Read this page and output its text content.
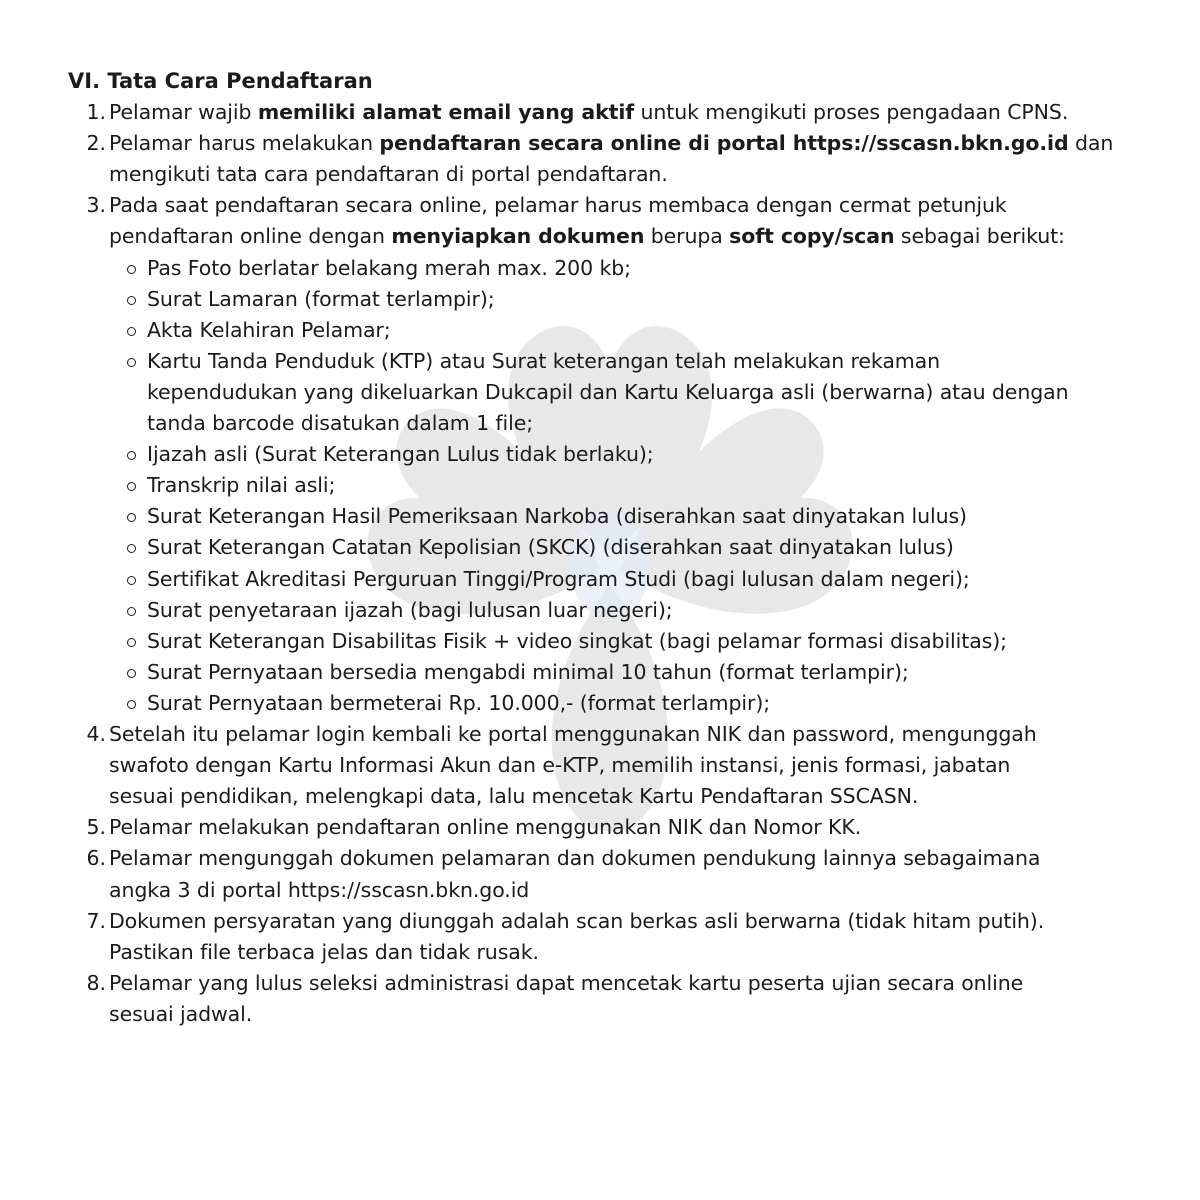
VI. Tata Cara Pendaftaran
1. Pelamar wajib memiliki alamat email yang aktif untuk mengikuti proses pengadaan CPNS.
2. Pelamar harus melakukan pendaftaran secara online di portal https://sscasn.bkn.go.id dan
mengikuti tata cara pendaftaran di portal pendaftaran.
3. Pada saat pendaftaran secara online, pelamar harus membaca dengan cermat petunjuk
pendaftaran online dengan menyiapkan dokumen berupa soft copy/scan sebagai berikut:
Pas Foto berlatar belakang merah max. 200 kb;
Surat Lamaran (format terlampir);
Akta Kelahiran Pelamar;
Kartu Tanda Penduduk (KTP) atau Surat keterangan telah melakukan rekaman
kependudukan yang dikeluarkan Dukcapil dan Kartu Keluarga asli (berwarna) atau dengan
tanda barcode disatukan dalam 1 file;
Ijazah asli (Surat Keterangan Lulus tidak berlaku);
Transkrip nilai asli;
Surat Keterangan Hasil Pemeriksaan Narkoba (diserahkan saat dinyatakan lulus)
Surat Keterangan Catatan Kepolisian (SKCK) (diserahkan saat dinyatakan lulus)
Sertifikat Akreditasi Perguruan Tinggi/Program Studi (bagi lulusan dalam negeri);
Surat penyetaraan ijazah (bagi lulusan luar negeri);
Surat Keterangan Disabilitas Fisik + video singkat (bagi pelamar formasi disabilitas);
Surat Pernyataan bersedia mengabdi minimal 10 tahun (format terlampir);
Surat Pernyataan bermeterai Rp. 10.000,- (format terlampir);
4. Setelah itu pelamar login kembali ke portal menggunakan NIK dan password, mengunggah
swafoto dengan Kartu Informasi Akun dan e-KTP, memilih instansi, jenis formasi, jabatan
sesuai pendidikan, melengkapi data, lalu mencetak Kartu Pendaftaran SSCASN.
5. Pelamar melakukan pendaftaran online menggunakan NIK dan Nomor KK.
6. Pelamar mengunggah dokumen pelamaran dan dokumen pendukung lainnya sebagaimana
angka 3 di portal https://sscasn.bkn.go.id
7. Dokumen persyaratan yang diunggah adalah scan berkas asli berwarna (tidak hitam putih).
Pastikan file terbaca jelas dan tidak rusak.
8. Pelamar yang lulus seleksi administrasi dapat mencetak kartu peserta ujian secara online
sesuai jadwal.
